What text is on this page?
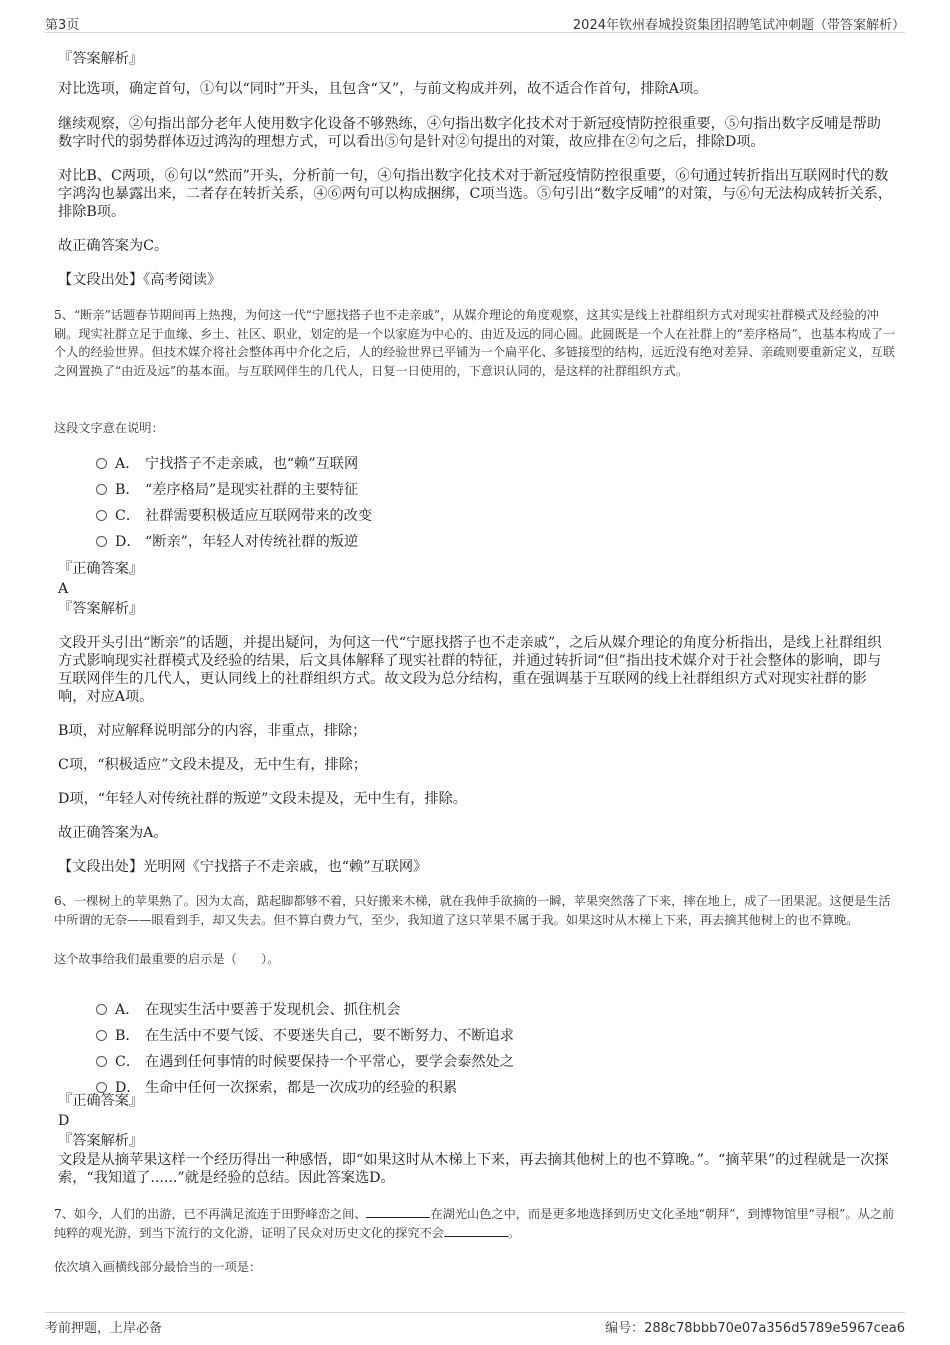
第3页	2024年钦州春城投资集团招聘笔试冲刺题（带答案解析）
『答案解析』
对比选项，确定首句，①句以“同时”开头，且包含“又”，与前文构成并列，故不适合作首句，排除A项。
继续观察，②句指出部分老年人使用数字化设备不够熟练，④句指出数字化技术对于新冠疫情防控很重要，⑤句指出数字反哺是帮助数字时代的弱势群体迈过鸿沟的理想方式，可以看出⑤句是针对②句提出的对策，故应排在②句之后，排除D项。
对比B、C两项，⑥句以“然而”开头，分析前一句，④句指出数字化技术对于新冠疫情防控很重要，⑥句通过转折指出互联网时代的数字鸿沟也暴露出来，二者存在转折关系，④⑥两句可以构成捆绑，C项当选。⑤句引出“数字反哺”的对策，与⑥句无法构成转折关系，排除B项。
故正确答案为C。
【文段出处】《高考阅读》
5、“断亲”话题春节期间再上热搜，为何这一代“宁愿找搭子也不走亲戚”，从媒介理论的角度观察，这其实是线上社群组织方式对现实社群模式及经验的冲刷。现实社群立足于血缘、乡土、社区、职业，划定的是一个以家庭为中心的、由近及远的同心圆。此圆既是一个人在社群上的“差序格局”，也基本构成了一个人的经验世界。但技术媒介将社会整体再中介化之后，人的经验世界已平铺为一个扁平化、多链接型的结构，远近没有绝对差异、亲疏则要重新定义，互联之网置换了“由近及远”的基本面。与互联网伴生的几代人，日复一日使用的，下意识认同的，是这样的社群组织方式。
这段文字意在说明：
A． 宁找搭子不走亲戚，也“赖”互联网
B． “差序格局”是现实社群的主要特征
C． 社群需要积极适应互联网带来的改变
D． “断亲”，年轻人对传统社群的叛逆
『正确答案』
A
『答案解析』
文段开头引出“断亲”的话题，并提出疑问，为何这一代“宁愿找搭子也不走亲戚”，之后从媒介理论的角度分析指出，是线上社群组织方式影响现实社群模式及经验的结果，后文具体解释了现实社群的特征，并通过转折词“但”指出技术媒介对于社会整体的影响，即与互联网伴生的几代人，更认同线上的社群组织方式。故文段为总分结构，重在强调基于互联网的线上社群组织方式对现实社群的影响，对应A项。
B项，对应解释说明部分的内容，非重点，排除；
C项，“积极适应”文段未提及，无中生有，排除；
D项，“年轻人对传统社群的叛逆”文段未提及，无中生有，排除。
故正确答案为A。
【文段出处】光明网《宁找搭子不走亲戚，也“赖”互联网》
6、一棵树上的苹果熟了。因为太高，踮起脚都够不着，只好搬来木梯，就在我伸手欲摘的一瞬，苹果突然落了下来，摔在地上，成了一团果泥。这便是生活中所谓的无奈——眼看到手，却又失去。但不算白费力气，至少，我知道了这只苹果不属于我。如果这时从木梯上下来，再去摘其他树上的也不算晚。
这个故事给我们最重要的启示是（　　）。
A． 在现实生活中要善于发现机会、抓住机会
B． 在生活中不要气馁、不要迷失自己，要不断努力、不断追求
C． 在遇到任何事情的时候要保持一个平常心，要学会泰然处之
D． 生命中任何一次探索，都是一次成功的经验的积累
『正确答案』
D
『答案解析』
文段是从摘苹果这样一个经历得出一种感悟，即“如果这时从木梯上下来，再去摘其他树上的也不算晚。”。“摘苹果”的过程就是一次探索，“我知道了......”就是经验的总结。因此答案选D。
7、如今，人们的出游，已不再满足流连于田野峰峦之间、	在湖光山色之中，而是更多地选择到历史文化圣地“朝拜”，到博物馆里“寻根”。从之前纯粹的观光游，到当下流行的文化游，证明了民众对历史文化的探究不会	。
依次填入画横线部分最恰当的一项是：
考前押题，上岸必备	编号：288c78bbb70e07a356d5789e5967cea6
